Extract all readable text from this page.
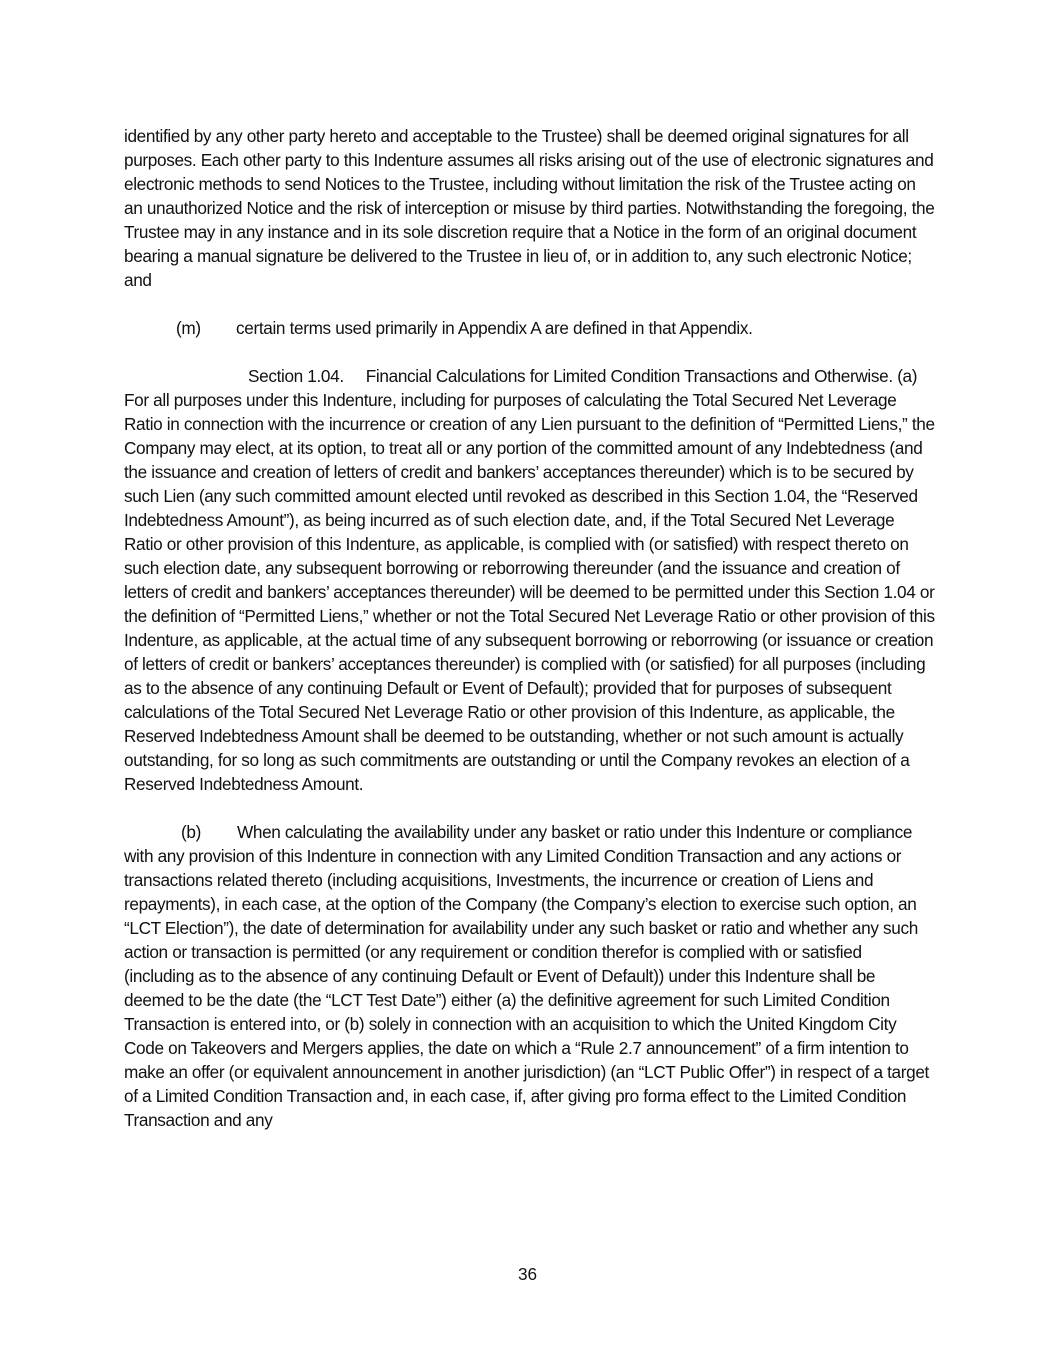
identified by any other party hereto and acceptable to the Trustee) shall be deemed original signatures for all purposes. Each other party to this Indenture assumes all risks arising out of the use of electronic signatures and electronic methods to send Notices to the Trustee, including without limitation the risk of the Trustee acting on an unauthorized Notice and the risk of interception or misuse by third parties. Notwithstanding the foregoing, the Trustee may in any instance and in its sole discretion require that a Notice in the form of an original document bearing a manual signature be delivered to the Trustee in lieu of, or in addition to, any such electronic Notice; and

(m) certain terms used primarily in Appendix A are defined in that Appendix.

Section 1.04. Financial Calculations for Limited Condition Transactions and Otherwise. (a) For all purposes under this Indenture, including for purposes of calculating the Total Secured Net Leverage Ratio in connection with the incurrence or creation of any Lien pursuant to the definition of “Permitted Liens,” the Company may elect, at its option, to treat all or any portion of the committed amount of any Indebtedness (and the issuance and creation of letters of credit and bankers’ acceptances thereunder) which is to be secured by such Lien (any such committed amount elected until revoked as described in this Section 1.04, the “Reserved Indebtedness Amount”), as being incurred as of such election date, and, if the Total Secured Net Leverage Ratio or other provision of this Indenture, as applicable, is complied with (or satisfied) with respect thereto on such election date, any subsequent borrowing or reborrowing thereunder (and the issuance and creation of letters of credit and bankers’ acceptances thereunder) will be deemed to be permitted under this Section 1.04 or the definition of “Permitted Liens,” whether or not the Total Secured Net Leverage Ratio or other provision of this Indenture, as applicable, at the actual time of any subsequent borrowing or reborrowing (or issuance or creation of letters of credit or bankers’ acceptances thereunder) is complied with (or satisfied) for all purposes (including as to the absence of any continuing Default or Event of Default); provided that for purposes of subsequent calculations of the Total Secured Net Leverage Ratio or other provision of this Indenture, as applicable, the Reserved Indebtedness Amount shall be deemed to be outstanding, whether or not such amount is actually outstanding, for so long as such commitments are outstanding or until the Company revokes an election of a Reserved Indebtedness Amount.

(b) When calculating the availability under any basket or ratio under this Indenture or compliance with any provision of this Indenture in connection with any Limited Condition Transaction and any actions or transactions related thereto (including acquisitions, Investments, the incurrence or creation of Liens and repayments), in each case, at the option of the Company (the Company’s election to exercise such option, an “LCT Election”), the date of determination for availability under any such basket or ratio and whether any such action or transaction is permitted (or any requirement or condition therefor is complied with or satisfied (including as to the absence of any continuing Default or Event of Default)) under this Indenture shall be deemed to be the date (the “LCT Test Date”) either (a) the definitive agreement for such Limited Condition Transaction is entered into, or (b) solely in connection with an acquisition to which the United Kingdom City Code on Takeovers and Mergers applies, the date on which a “Rule 2.7 announcement” of a firm intention to make an offer (or equivalent announcement in another jurisdiction) (an “LCT Public Offer”) in respect of a target of a Limited Condition Transaction and, in each case, if, after giving pro forma effect to the Limited Condition Transaction and any

36
